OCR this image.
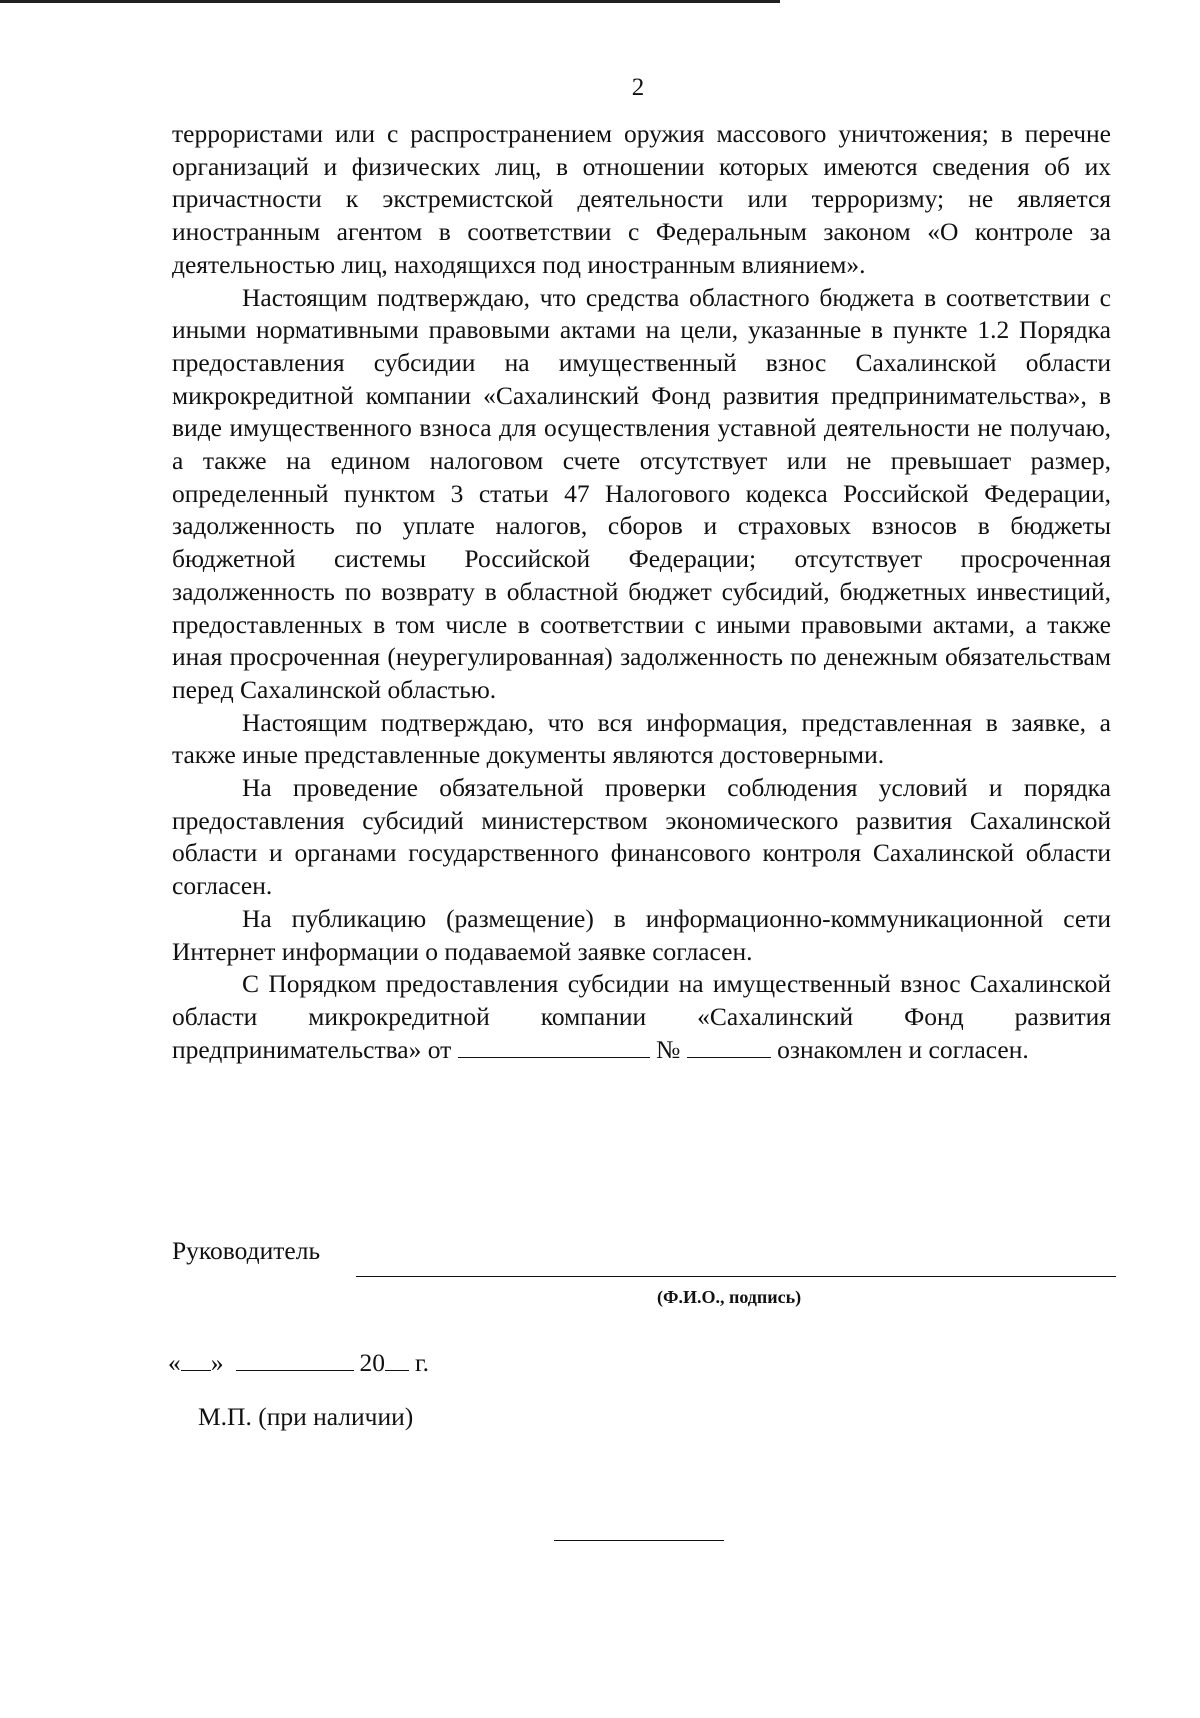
2

террористами или с распространением оружия массового уничтожения; в перечне организаций и физических лиц, в отношении которых имеются сведения об их причастности к экстремистской деятельности или терроризму; не является иностранным агентом в соответствии с Федеральным законом «О контроле за деятельностью лиц, находящихся под иностранным влиянием».

Настоящим подтверждаю, что средства областного бюджета в соответствии с иными нормативными правовыми актами на цели, указанные в пункте 1.2 Порядка предоставления субсидии на имущественный взнос Сахалинской области микрокредитной компании «Сахалинский Фонд развития предпринимательства», в виде имущественного взноса для осуществления уставной деятельности не получаю, а также на едином налоговом счете отсутствует или не превышает размер, определенный пунктом 3 статьи 47 Налогового кодекса Российской Федерации, задолженность по уплате налогов, сборов и страховых взносов в бюджеты бюджетной системы Российской Федерации; отсутствует просроченная задолженность по возврату в областной бюджет субсидий, бюджетных инвестиций, предоставленных в том числе в соответствии с иными правовыми актами, а также иная просроченная (неурегулированная) задолженность по денежным обязательствам перед Сахалинской областью.

Настоящим подтверждаю, что вся информация, представленная в заявке, а также иные представленные документы являются достоверными.

На проведение обязательной проверки соблюдения условий и порядка предоставления субсидий министерством экономического развития Сахалинской области и органами государственного финансового контроля Сахалинской области согласен.

На публикацию (размещение) в информационно-коммуникационной сети Интернет информации о подаваемой заявке согласен.

С Порядком предоставления субсидии на имущественный взнос Сахалинской области микрокредитной компании «Сахалинский Фонд развития предпринимательства» от	№	ознакомлен и согласен.

Руководитель
(Ф.И.О., подпись)
« »	20 г.
М.П. (при наличии)
